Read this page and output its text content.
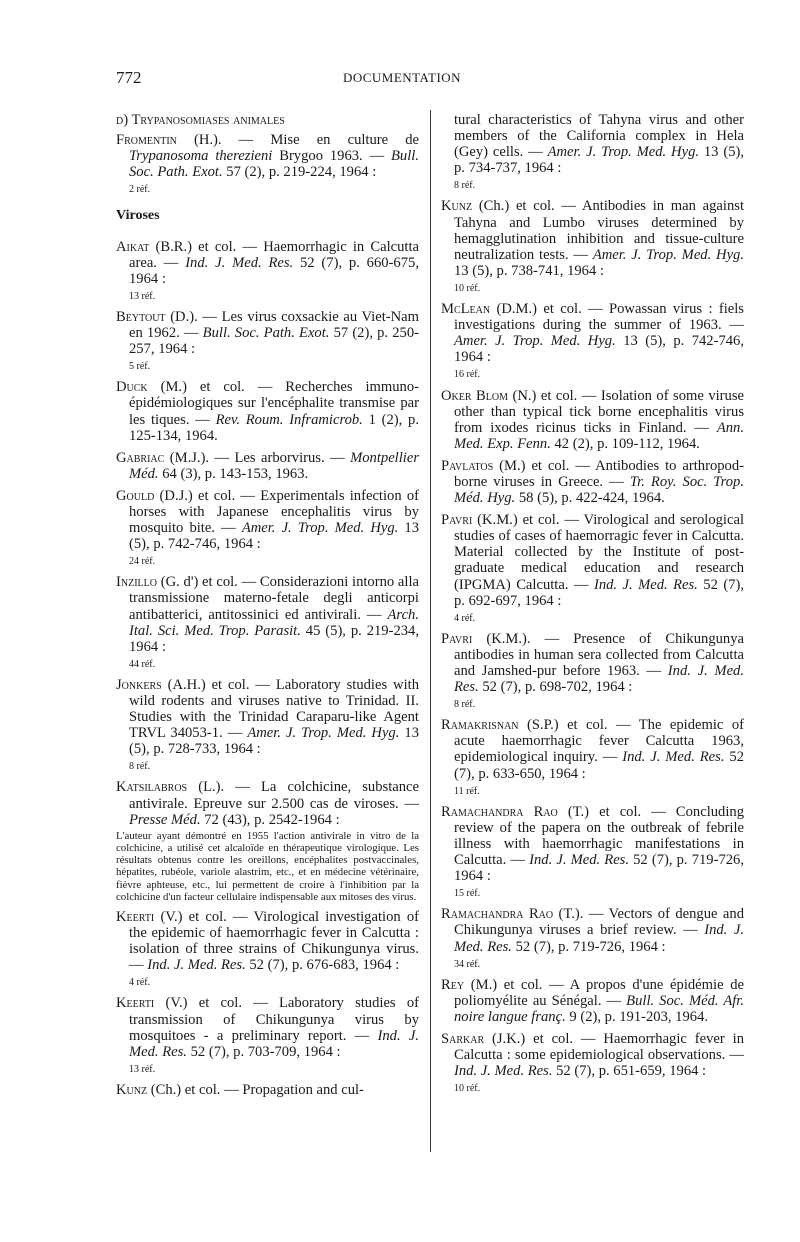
772	DOCUMENTATION
d) Trypanosomiases animales
Fromentin (H.). — Mise en culture de Trypanosoma therezieni Brygoo 1963. — Bull. Soc. Path. Exot. 57 (2), p. 219-224, 1964 :
2 réf.
Viroses
Aikat (B.R.) et col. — Haemorrhagic in Calcutta area. — Ind. J. Med. Res. 52 (7), p. 660-675, 1964 :
13 réf.
Beytout (D.). — Les virus coxsackie au Viet-Nam en 1962. — Bull. Soc. Path. Exot. 57 (2), p. 250-257, 1964 :
5 réf.
Duck (M.) et col. — Recherches immuno-épidémiologiques sur l'encéphalite transmise par les tiques. — Rev. Roum. Inframicrob. 1 (2), p. 125-134, 1964.
Gabriac (M.J.). — Les arborvirus. — Montpellier Méd. 64 (3), p. 143-153, 1963.
Gould (D.J.) et col. — Experimentals infection of horses with Japanese encephalitis virus by mosquito bite. — Amer. J. Trop. Med. Hyg. 13 (5), p. 742-746, 1964 :
24 réf.
Inzillo (G. d') et col. — Considerazioni intorno alla transmissione materno-fetale degli anticorpi antibatterici, antitossinici ed antivirali. — Arch. Ital. Sci. Med. Trop. Parasit. 45 (5), p. 219-234, 1964 :
44 réf.
Jonkers (A.H.) et col. — Laboratory studies with wild rodents and viruses native to Trinidad. II. Studies with the Trinidad Caraparu-like Agent TRVL 34053-1. — Amer. J. Trop. Med. Hyg. 13 (5), p. 728-733, 1964 :
8 réf.
Katsilabros (L.). — La colchicine, substance antivirale. Epreuve sur 2.500 cas de viroses. — Presse Méd. 72 (43), p. 2542-1964 :
L'auteur ayant démontré en 1955 l'action antivirale in vitro de la colchicine, a utilisé cet alcaloïde en thérapeutique virologique. Les résultats obtenus contre les oreillons, encéphalites postvaccinales, hépatites, rubéole, variole alastrim, etc., et en médecine vétérinaire, fièvre aphteuse, etc., lui permettent de croire à l'inhibition par la colchicine d'un facteur cellulaire indispensable aux mitoses des virus.
Keerti (V.) et col. — Virological investigation of the epidemic of haemorrhagic fever in Calcutta : isolation of three strains of Chikungunya virus. — Ind. J. Med. Res. 52 (7), p. 676-683, 1964 :
4 réf.
Keerti (V.) et col. — Laboratory studies of transmission of Chikungunya virus by mosquitoes - a preliminary report. — Ind. J. Med. Res. 52 (7), p. 703-709, 1964 :
13 réf.
Kunz (Ch.) et col. — Propagation and cul-
tural characteristics of Tahyna virus and other members of the California complex in Hela (Gey) cells. — Amer. J. Trop. Med. Hyg. 13 (5), p. 734-737, 1964 :
8 réf.
Kunz (Ch.) et col. — Antibodies in man against Tahyna and Lumbo viruses determined by hemagglutination inhibition and tissue-culture neutralization tests. — Amer. J. Trop. Med. Hyg. 13 (5), p. 738-741, 1964 :
10 réf.
McLean (D.M.) et col. — Powassan virus : fiels investigations during the summer of 1963. — Amer. J. Trop. Med. Hyg. 13 (5), p. 742-746, 1964 :
16 réf.
Oker Blom (N.) et col. — Isolation of some viruse other than typical tick borne encephalitis virus from ixodes ricinus ticks in Finland. — Ann. Med. Exp. Fenn. 42 (2), p. 109-112, 1964.
Pavlatos (M.) et col. — Antibodies to arthropod-borne viruses in Greece. — Tr. Roy. Soc. Trop. Méd. Hyg. 58 (5), p. 422-424, 1964.
Pavri (K.M.) et col. — Virological and serological studies of cases of haemorragic fever in Calcutta. Material collected by the Institute of post-graduate medical education and research (IPGMA) Calcutta. — Ind. J. Med. Res. 52 (7), p. 692-697, 1964 :
4 réf.
Pavri (K.M.). — Presence of Chikungunya antibodies in human sera collected from Calcutta and Jamshed-pur before 1963. — Ind. J. Med. Res. 52 (7), p. 698-702, 1964 :
8 réf.
Ramakrisnan (S.P.) et col. — The epidemic of acute haemorrhagic fever Calcutta 1963, epidemiological inquiry. — Ind. J. Med. Res. 52 (7), p. 633-650, 1964 :
11 réf.
Ramachandra Rao (T.) et col. — Concluding review of the papera on the outbreak of febrile illness with haemorrhagic manifestations in Calcutta. — Ind. J. Med. Res. 52 (7), p. 719-726, 1964 :
15 réf.
Ramachandra Rao (T.). — Vectors of dengue and Chikungunya viruses a brief review. — Ind. J. Med. Res. 52 (7), p. 719-726, 1964 :
34 réf.
Rey (M.) et col. — A propos d'une épidémie de poliomyélite au Sénégal. — Bull. Soc. Méd. Afr. noire langue franç. 9 (2), p. 191-203, 1964.
Sarkar (J.K.) et col. — Haemorrhagic fever in Calcutta : some epidemiological observations. — Ind. J. Med. Res. 52 (7), p. 651-659, 1964 :
10 réf.
